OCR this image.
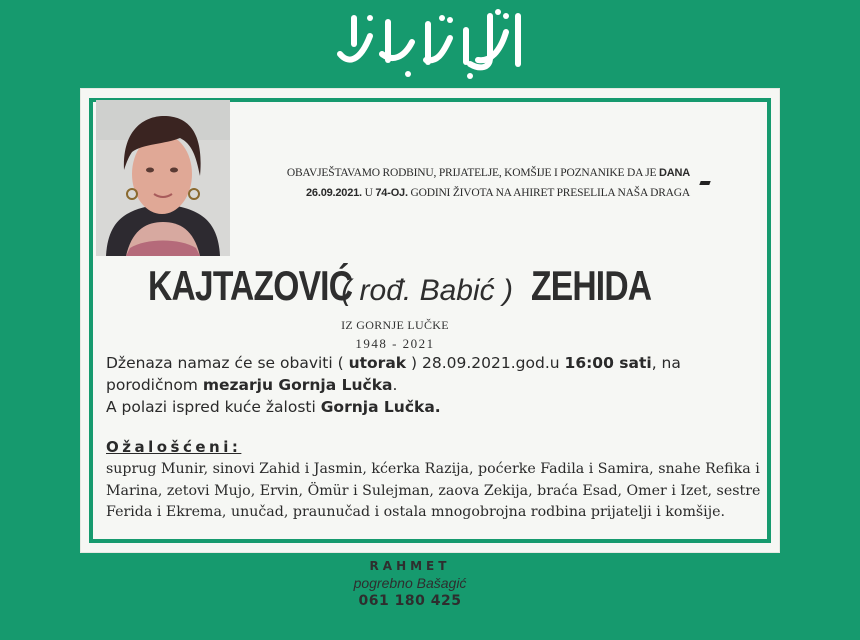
OBAVJEŠTAVAMO RODBINU, PRIJATELJE, KOMŠIJE I POZNANIKE DA JE DANA
26.09.2021. U 74-OJ. GODINI ŽIVOTA NA AHIRET PRESELILA NAŠA DRAGA
KAJTAZOVIĆ( rođ. Babić ) ZEHIDA
IZ GORNJE LUČKE
1948 - 2021
Dženaza namaz će se obaviti ( utorak ) 28.09.2021.god.u 16:00 sati, na porodičnom mezarju Gornja Lučka.
A polazi ispred kuće žalosti Gornja Lučka.
Ožalošćeni:
suprug Munir, sinovi Zahid i Jasmin, kćerka Razija, poćerke Fadila i Samira, snahe Refika i Marina, zetovi Mujo, Ervin, Ömür i Sulejman, zaova Zekija, braća Esad, Omer i Izet, sestre Ferida i Ekrema, unučad, praunučad i ostala mnogobrojna rodbina prijatelji i komšije.
RAHMET
pogrebno Bašagić
061 180 425
